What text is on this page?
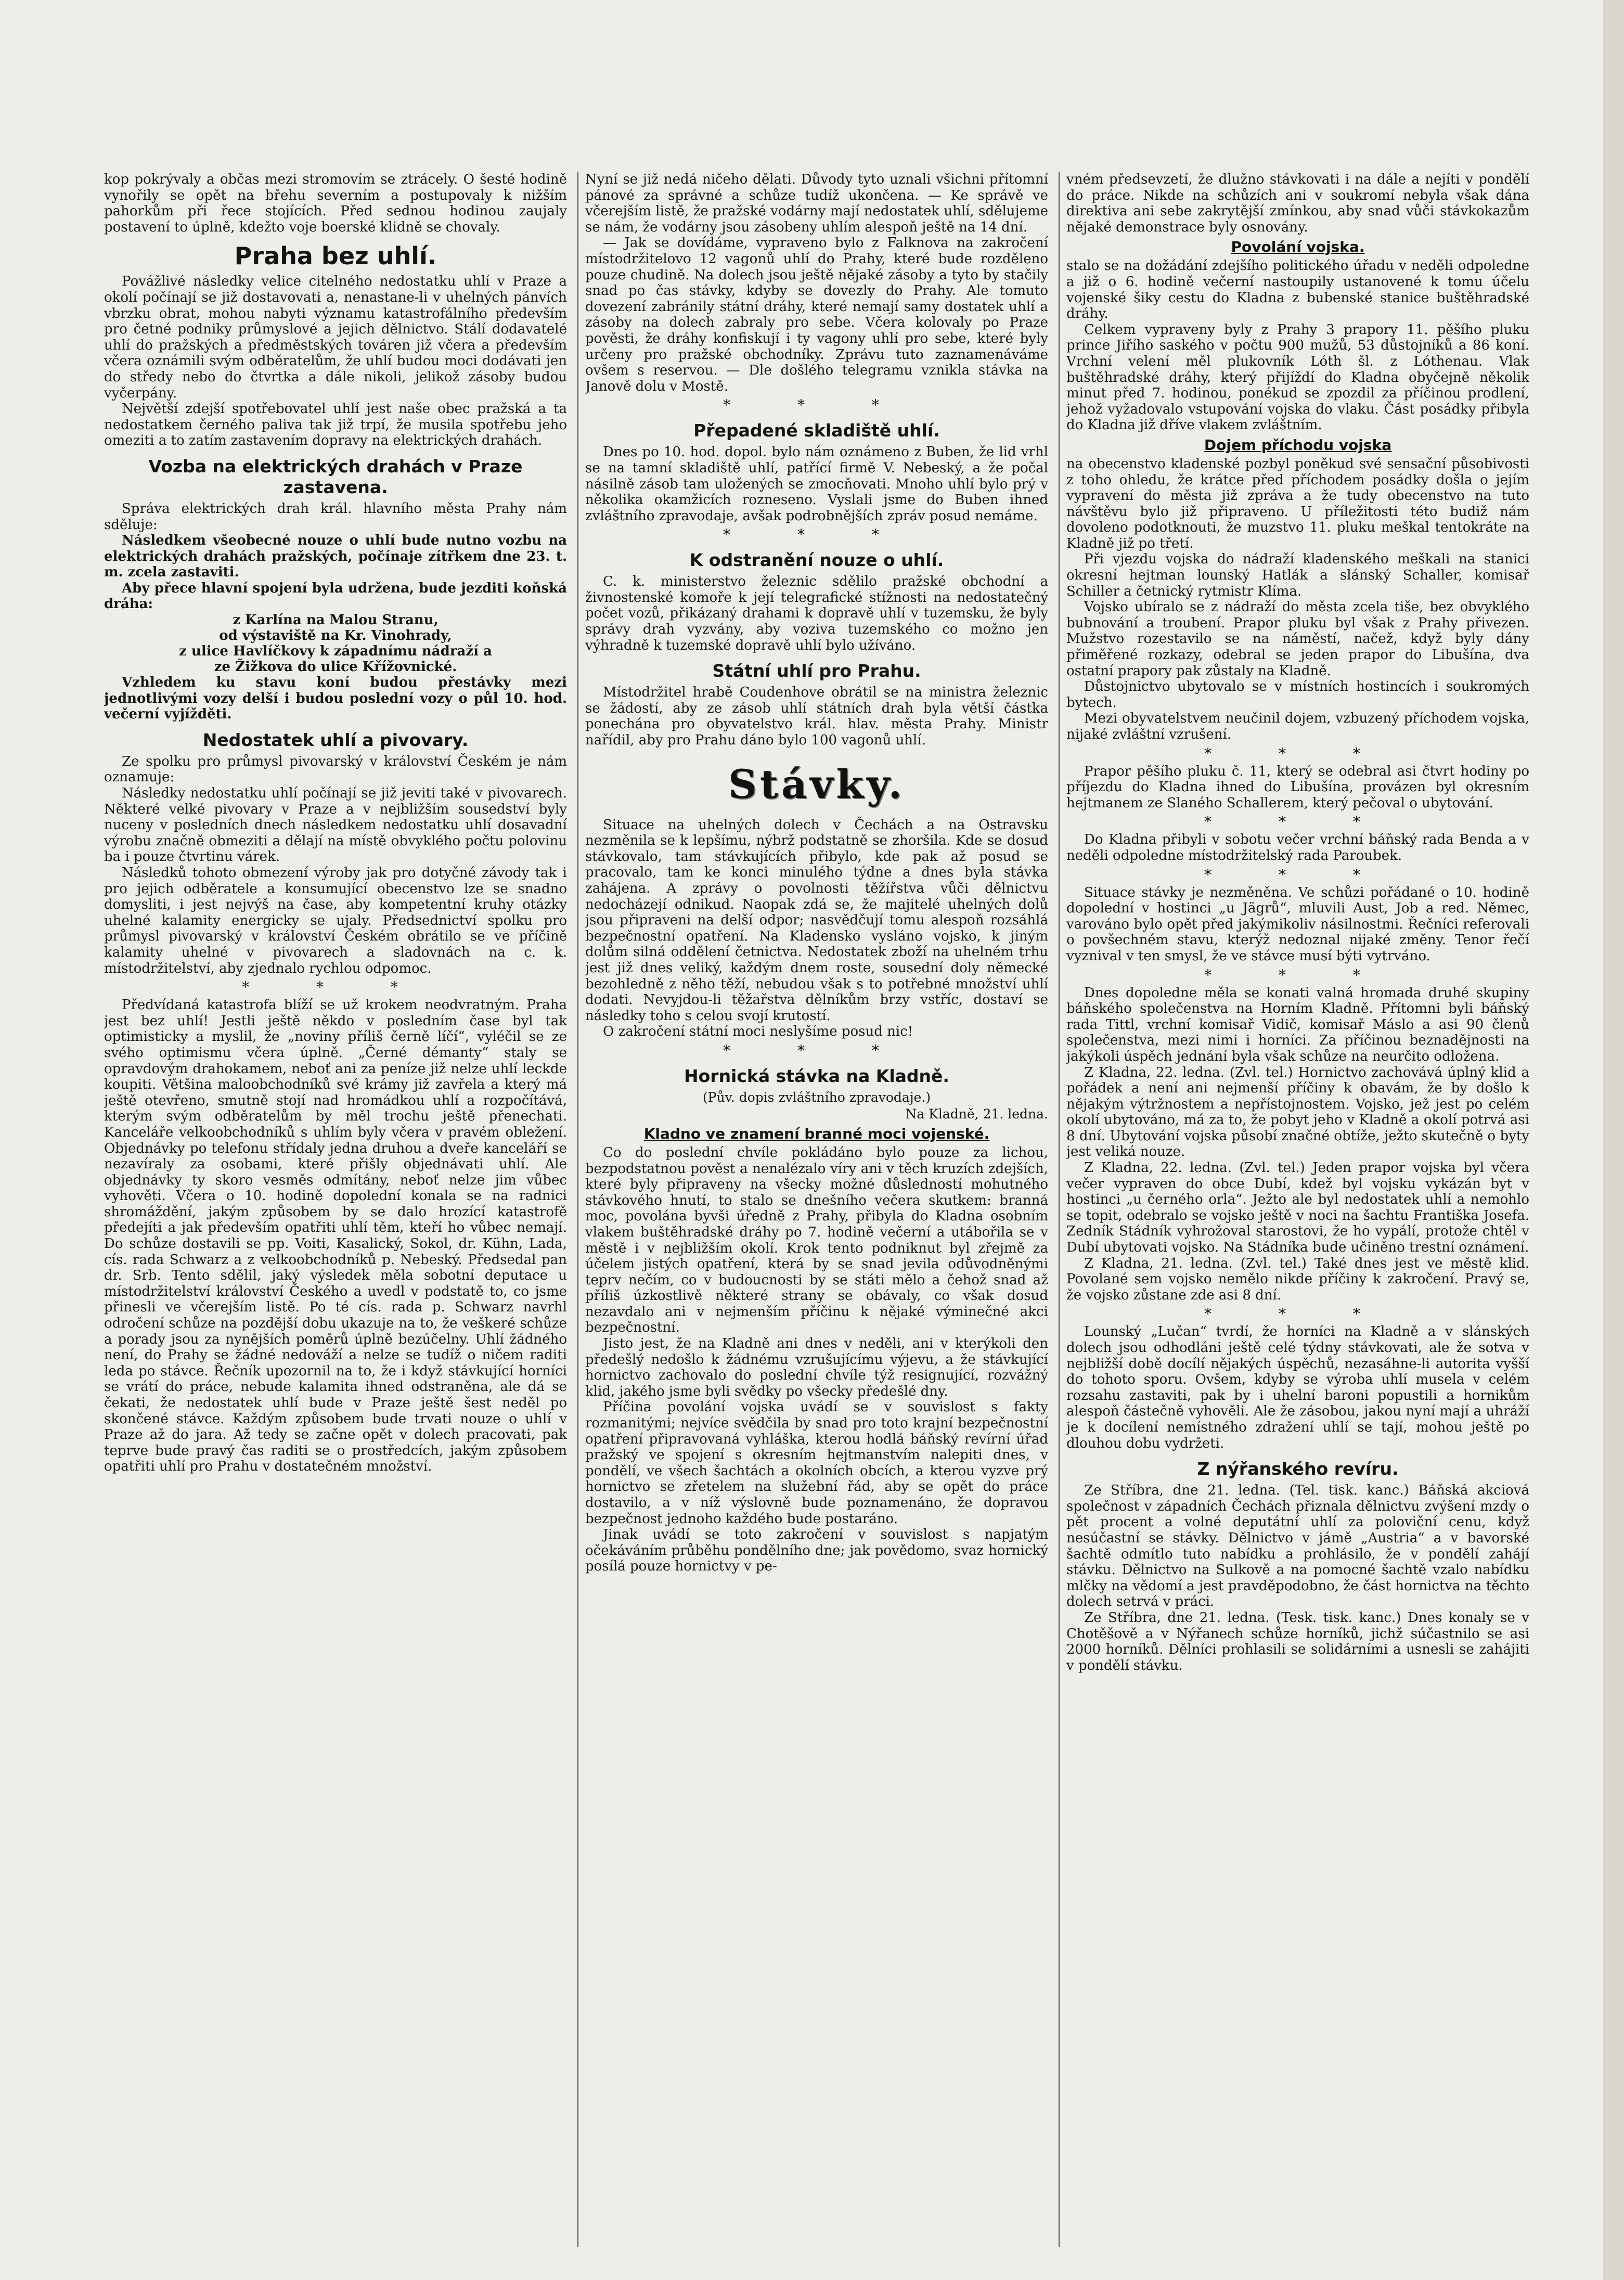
kop pokrývaly a občas mezi stromovím se ztrácely. O šesté hodině vynořily se opět na břehu severním a postupovaly k nižším pahorkům při řece stojících. Před sednou hodinou zaujaly postavení to úplně, kdežto voje boerské klidně se chovaly.

Praha bez uhlí.

Povážlivé následky velice citelného nedostatku uhlí v Praze a okolí počínají se již dostavovati a, nenastane-li v uhelných pánvích vbrzku obrat, mohou nabyti významu katastrofálního především pro četné podniky průmyslové a jejich dělnictvo. Stálí dodavatelé uhlí do pražských a předměstských továren již včera a především včera oznámili svým odběratelům, že uhlí budou moci dodávati jen do středy nebo do čtvrtka a dále nikoli, jelikož zásoby budou vyčerpány.

Největší zdejší spotřebovatel uhlí jest naše obec pražská a ta nedostatkem černého paliva tak již trpí, že musila spotřebu jeho omeziti a to zatím zastavením dopravy na elektrických drahách.

Vozba na elektrických drahách v Praze zastavena.

Správa elektrických drah král. hlavního města Prahy nám sděluje:

Následkem všeobecné nouze o uhlí bude nutno vozbu na elektrických drahách pražských, počínaje zítřkem dne 23. t. m. zcela zastaviti.

Aby přece hlavní spojení byla udržena, bude jezditi koňská dráha:

z Karlína na Malou Stranu,
od výstaviště na Kr. Vinohrady,
z ulice Havlíčkovy k západnímu nádraží a
ze Žižkova do ulice Křížovnické.

Vzhledem ku stavu koní budou přestávky mezi jednotlivými vozy delší i budou poslední vozy o půl 10. hod. večerní vyjížděti.

Nedostatek uhlí a pivovary.

Ze spolku pro průmysl pivovarský v království Českém je nám oznamuje:

Následky nedostatku uhlí počínají se již jeviti také v pivovarech. Některé velké pivovary v Praze a v nejbližším sousedství byly nuceny v posledních dnech následkem nedostatku uhlí dosavadní výrobu značně obmeziti a dělají na místě obvyklého počtu polovinu ba i pouze čtvrtinu várek.

Následků tohoto obmezení výroby jak pro dotyčné závody tak i pro jejich odběratele a konsumující obecenstvo lze se snadno domysliti, i jest nejvýš na čase, aby kompetentní kruhy otázky uhelné kalamity energicky se ujaly. Předsednictví spolku pro průmysl pivovarský v království Českém obrátilo se ve příčině kalamity uhelné v pivovarech a sladovnách na c. k. místodržitelství, aby zjednalo rychlou odpomoc.

* * *

Předvídaná katastrofa blíží se už krokem neodvratným. Praha jest bez uhlí! Jestli ještě někdo v posledním čase byl tak optimisticky a myslil, že „noviny příliš černě líčí“, vyléčil se ze svého optimismu včera úplně. „Černé démanty“ staly se opravdovým drahokamem, neboť ani za peníze již nelze uhlí leckde koupiti. Většina maloobchodníků své krámy již zavřela a který má ještě otevřeno, smutně stojí nad hromádkou uhlí a rozpočítává, kterým svým odběratelům by měl trochu ještě přenechati. Kanceláře velkoobchodníků s uhlím byly včera v pravém obležení. Objednávky po telefonu střídaly jedna druhou a dveře kanceláří se nezavíraly za osobami, které přišly objednávati uhlí. Ale objednávky ty skoro vesměs odmítány, neboť nelze jim vůbec vyhověti. Včera o 10. hodině dopolední konala se na radnici shromáždění, jakým způsobem by se dalo hrozící katastrofě předejíti a jak především opatřiti uhlí těm, kteří ho vůbec nemají. Do schůze dostavili se pp. Voiti, Kasalický, Sokol, dr. Kühn, Lada, cís. rada Schwarz a z velkoobchodníků p. Nebeský. Předsedal pan dr. Srb. Tento sdělil, jaký výsledek měla sobotní deputace u místodržitelství království Českého a uvedl v podstatě to, co jsme přinesli ve včerejším listě. Po té cís. rada p. Schwarz navrhl odročení schůze na pozdější dobu ukazuje na to, že veškeré schůze a porady jsou za nynějších poměrů úplně bezúčelny. Uhlí žádného není, do Prahy se žádné nedováží a nelze se tudíž o ničem raditi leda po stávce. Řečník upozornil na to, že i když stávkující horníci se vrátí do práce, nebude kalamita ihned odstraněna, ale dá se čekati, že nedostatek uhlí bude v Praze ještě šest neděl po skončené stávce. Každým způsobem bude trvati nouze o uhlí v Praze až do jara. Až tedy se začne opět v dolech pracovati, pak teprve bude pravý čas raditi se o prostředcích, jakým způsobem opatřiti uhlí pro Prahu v dostatečném množství.

Nyní se již nedá ničeho dělati. Důvody tyto uznali všichni přítomní pánové za správné a schůze tudíž ukončena. — Ke správě ve včerejším listě, že pražské vodárny mají nedostatek uhlí, sdělujeme se nám, že vodárny jsou zásobeny uhlím alespoň ještě na 14 dní.

— Jak se dovídáme, vypraveno bylo z Falknova na zakročení místodržitelovo 12 vagonů uhlí do Prahy, které bude rozděleno pouze chudině. Na dolech jsou ještě nějaké zásoby a tyto by stačily snad po čas stávky, kdyby se dovezly do Prahy. Ale tomuto dovezení zabránily státní dráhy, které nemají samy dostatek uhlí a zásoby na dolech zabraly pro sebe. Včera kolovaly po Praze pověsti, že dráhy konfiskují i ty vagony uhlí pro sebe, které byly určeny pro pražské obchodníky. Zprávu tuto zaznamenáváme ovšem s reservou. — Dle došlého telegramu vznikla stávka na Janově dolu v Mostě.

* * *
Přepadené skladiště uhlí.

Dnes po 10. hod. dopol. bylo nám oznámeno z Buben, že lid vrhl se na tamní skladiště uhlí, patřící firmě V. Nebeský, a že počal násilně zásob tam uložených se zmocňovati. Mnoho uhlí bylo prý v několika okamžicích rozneseno. Vyslali jsme do Buben ihned zvláštního zpravodaje, avšak podrobnějších zpráv posud nemáme.

* * *
K odstranění nouze o uhlí.

C. k. ministerstvo železnic sdělilo pražské obchodní a živnostenské komoře k její telegrafické stížnosti na nedostatečný počet vozů, přikázaný drahami k dopravě uhlí v tuzemsku, že byly správy drah vyzvány, aby voziva tuzemského co možno jen výhradně k tuzemské dopravě uhlí bylo užíváno.

Státní uhlí pro Prahu.

Místodržitel hrabě Coudenhove obrátil se na ministra železnic se žádostí, aby ze zásob uhlí státních drah byla větší částka ponechána pro obyvatelstvo král. hlav. města Prahy. Ministr nařídil, aby pro Prahu dáno bylo 100 vagonů uhlí.

Stávky.

Situace na uhelných dolech v Čechách a na Ostravsku nezměnila se k lepšímu, nýbrž podstatně se zhoršila. Kde se dosud stávkovalo, tam stávkujících přibylo, kde pak až posud se pracovalo, tam ke konci minulého týdne a dnes byla stávka zahájena. A zprávy o povolnosti těžířstva vůči dělnictvu nedocházejí odnikud. Naopak zdá se, že majitelé uhelných dolů jsou připraveni na delší odpor; nasvědčují tomu alespoň rozsáhlá bezpečnostní opatření. Na Kladensko vysláno vojsko, k jiným dolům silná oddělení četnictva. Nedostatek zboží na uhelném trhu jest již dnes veliký, každým dnem roste, sousední doly německé bezohledně z něho těží, nebudou však s to potřebné množství uhlí dodati. Nevyjdou-li těžařstva dělníkům brzy vstříc, dostaví se následky toho s celou svojí krutostí.

O zakročení státní moci neslyšíme posud nic!

* * *
Hornická stávka na Kladně.
(Pův. dopis zvláštního zpravodaje.)
Na Kladně, 21. ledna.
Kladno ve znamení branné moci vojenské.

Co do poslední chvíle pokládáno bylo pouze za lichou, bezpodstatnou pověst a nenalézalo víry ani v těch kruzích zdejších, které byly připraveny na všecky možné důsledností mohutného stávkového hnutí, to stalo se dnešního večera skutkem: branná moc, povolána byvši úředně z Prahy, přibyla do Kladna osobním vlakem buštěhradské dráhy po 7. hodině večerní a utábořila se v městě i v nejbližším okolí. Krok tento podniknut byl zřejmě za účelem jistých opatření, která by se snad jevila odůvodněnými teprv nečím, co v budoucnosti by se státi mělo a čehož snad až příliš úzkostlivě některé strany se obávaly, co však dosud nezavdalo ani v nejmenším příčinu k nějaké výminečné akci bezpečnostní.

Jisto jest, že na Kladně ani dnes v neděli, ani v kterýkoli den předešlý nedošlo k žádnému vzrušujícímu výjevu, a že stávkující hornictvo zachovalo do poslední chvíle týž resignující, rozvážný klid, jakého jsme byli svědky po všecky předešlé dny.

Příčina povolání vojska uvádí se v souvislost s fakty rozmanitými; nejvíce svědčila by snad pro toto krajní bezpečnostní opatření připravovaná vyhláška, kterou hodlá báňský revírní úřad pražský ve spojení s okresním hejtmanstvím nalepiti dnes, v pondělí, ve všech šachtách a okolních obcích, a kterou vyzve prý hornictvo se zřetelem na služební řád, aby se opět do práce dostavilo, a v níž výslovně bude poznamenáno, že dopravou bezpečnost jednoho každého bude postaráno.

Jinak uvádí se toto zakročení v souvislost s napjatým očekáváním průběhu pondělního dne; jak povědomo, svaz hornický posílá pouze hornictvy v pe-

vném předsevzetí, že dlužno stávkovati i na dále a nejíti v pondělí do práce. Nikde na schůzích ani v soukromí nebyla však dána direktiva ani sebe zakrytější zmínkou, aby snad vůči stávkokazům nějaké demonstrace byly osnovány.

Povolání vojska.

stalo se na dožádání zdejšího politického úřadu v neděli odpoledne a již o 6. hodině večerní nastoupily ustanovené k tomu účelu vojenské šiky cestu do Kladna z bubenské stanice buštěhradské dráhy.

Celkem vypraveny byly z Prahy 3 prapory 11. pěšího pluku prince Jiřího saského v počtu 900 mužů, 53 důstojníků a 86 koní. Vrchní velení měl plukovník Lóth šl. z Lóthenau. Vlak buštěhradské dráhy, který přijíždí do Kladna obyčejně několik minut před 7. hodinou, ponékud se zpozdil za příčinou prodlení, jehož vyžadovalo vstupování vojska do vlaku. Část posádky přibyla do Kladna již dříve vlakem zvláštním.

Dojem příchodu vojska

na obecenstvo kladenské pozbyl poněkud své sensační působivosti z toho ohledu, že krátce před příchodem posádky došla o jejím vypravení do města již zpráva a že tudy obecenstvo na tuto návštěvu bylo již připraveno. U příležitosti této budiž nám dovoleno podotknouti, že muzstvo 11. pluku meškal tentokráte na Kladně již po třetí.

Při vjezdu vojska do nádraží kladenského meškali na stanici okresní hejtman lounský Hatlák a slánský Schaller, komisař Schiller a četnický rytmistr Klíma.

Vojsko ubíralo se z nádraží do města zcela tiše, bez obvyklého bubnování a troubení. Prapor pluku byl však z Prahy přivezen. Mužstvo rozestavilo se na náměstí, načež, když byly dány přiměřené rozkazy, odebral se jeden prapor do Libušína, dva ostatní prapory pak zůstaly na Kladně.

Důstojnictvo ubytovalo se v místních hostincích i soukromých bytech.

Mezi obyvatelstvem neučinil dojem, vzbuzený příchodem vojska, nijaké zvláštní vzrušení.

* * *

Prapor pěšího pluku č. 11, který se odebral asi čtvrt hodiny po příjezdu do Kladna ihned do Libušína, provázen byl okresním hejtmanem ze Slaného Schallerem, který pečoval o ubytování.

* * *

Do Kladna přibyli v sobotu večer vrchní báňský rada Benda a v neděli odpoledne místodržitelský rada Paroubek.

* * *

Situace stávky je nezměněna. Ve schůzi pořádané o 10. hodině dopolední v hostinci „u Jägrů“, mluvili Aust, Job a red. Němec, varováno bylo opět před jakýmikoliv násilnostmi. Řečníci referovali o povšechném stavu, kterýž nedoznal nijaké změny. Tenor řečí vyznival v ten smysl, že ve stávce musí býti vytrváno.

* * *

Dnes dopoledne měla se konati valná hromada druhé skupiny báňského společenstva na Horním Kladně. Přítomni byli báňský rada Tittl, vrchní komisař Vidič, komisař Máslo a asi 90 členů společenstva, mezi nimi i horníci. Za příčinou beznadějnosti na jakýkoli úspěch jednání byla však schůze na neurčito odložena.

Z Kladna, 22. ledna. (Zvl. tel.) Hornictvo zachovává úplný klid a pořádek a není ani nejmenší příčiny k obavám, že by došlo k nějakým výtržnostem a nepřístojnostem. Vojsko, jež jest po celém okolí ubytováno, má za to, že pobyt jeho v Kladně a okolí potrvá asi 8 dní. Ubytování vojska působí značné obtíže, ježto skutečně o byty jest veliká nouze.

Z Kladna, 22. ledna. (Zvl. tel.) Jeden prapor vojska byl včera večer vypraven do obce Dubí, kdež byl vojsku vykázán byt v hostinci „u černého orla“. Ježto ale byl nedostatek uhlí a nemohlo se topit, odebralo se vojsko ještě v noci na šachtu Františka Josefa. Zedník Stádník vyhrožoval starostovi, že ho vypálí, protože chtěl v Dubí ubytovati vojsko. Na Stádníka bude učiněno trestní oznámení.

Z Kladna, 21. ledna. (Zvl. tel.) Také dnes jest ve městě klid. Povolané sem vojsko nemělo nikde příčiny k zakročení. Pravý se, že vojsko zůstane zde asi 8 dní.

* * *

Lounský „Lučan“ tvrdí, že horníci na Kladně a v slánských dolech jsou odhodláni ještě celé týdny stávkovati, ale že sotva v nejbližší době docílí nějakých úspěchů, nezasáhne-li autorita vyšší do tohoto sporu. Ovšem, kdyby se výroba uhlí musela v celém rozsahu zastaviti, pak by i uhelní baroni popustili a hornikům alespoň částečně vyhověli. Ale že zásobou, jakou nyní mají a uhráží je k docílení nemístného zdražení uhlí se tají, mohou ještě po dlouhou dobu vydržeti.

Z nýřanského revíru.

Ze Stříbra, dne 21. ledna. (Tel. tisk. kanc.) Báňská akciová společnost v západních Čechách přiznala dělnictvu zvýšení mzdy o pět procent a volné deputátní uhlí za poloviční cenu, když nesúčastní se stávky. Dělnictvo v jámě „Austria“ a v bavorské šachtě odmítlo tuto nabídku a prohlásilo, že v pondělí zahájí stávku. Dělnictvo na Sulkově a na pomocné šachtě vzalo nabídku mlčky na vědomí a jest pravděpodobno, že část hornictva na těchto dolech setrvá v práci.

Ze Stříbra, dne 21. ledna. (Tesk. tisk. kanc.) Dnes konaly se v Chotěšově a v Nýřanech schůze horníků, jichž súčastnilo se asi 2000 horníků. Dělníci prohlasili se solidárními a usnesli se zahájiti v pondělí stávku.
